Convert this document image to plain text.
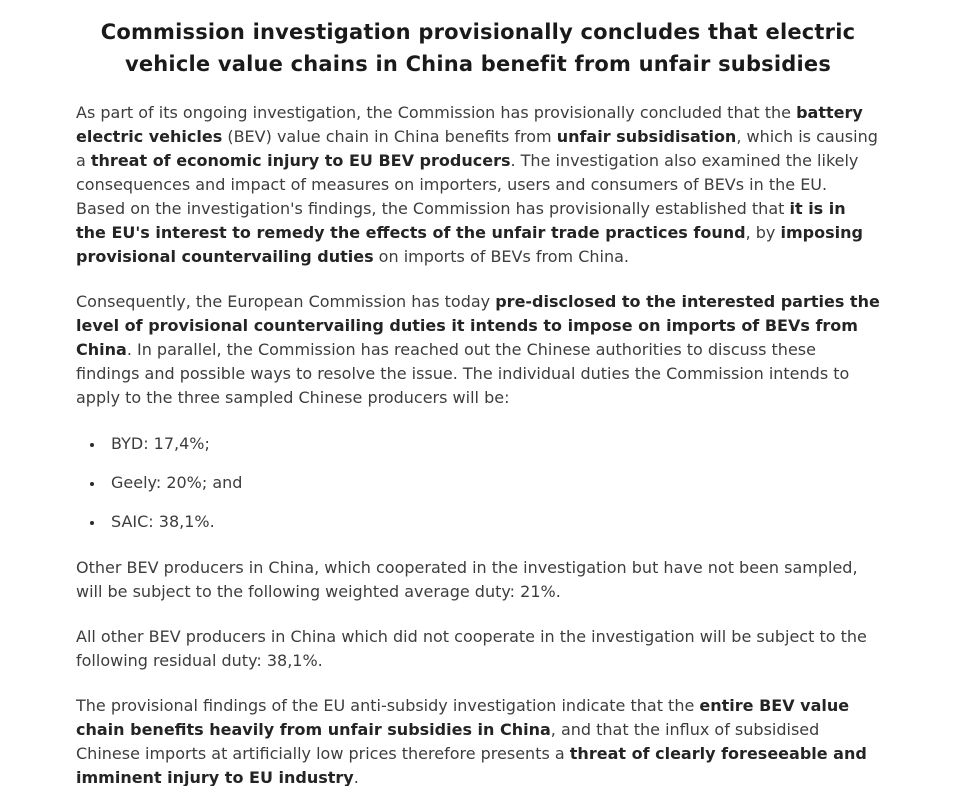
Commission investigation provisionally concludes that electric vehicle value chains in China benefit from unfair subsidies

As part of its ongoing investigation, the Commission has provisionally concluded that the battery electric vehicles (BEV) value chain in China benefits from unfair subsidisation, which is causing a threat of economic injury to EU BEV producers. The investigation also examined the likely consequences and impact of measures on importers, users and consumers of BEVs in the EU. Based on the investigation's findings, the Commission has provisionally established that it is in the EU's interest to remedy the effects of the unfair trade practices found, by imposing provisional countervailing duties on imports of BEVs from China.

Consequently, the European Commission has today pre-disclosed to the interested parties the level of provisional countervailing duties it intends to impose on imports of BEVs from China. In parallel, the Commission has reached out the Chinese authorities to discuss these findings and possible ways to resolve the issue. The individual duties the Commission intends to apply to the three sampled Chinese producers will be:

• BYD: 17,4%;
• Geely: 20%; and
• SAIC: 38,1%.

Other BEV producers in China, which cooperated in the investigation but have not been sampled, will be subject to the following weighted average duty: 21%.

All other BEV producers in China which did not cooperate in the investigation will be subject to the following residual duty: 38,1%.

The provisional findings of the EU anti-subsidy investigation indicate that the entire BEV value chain benefits heavily from unfair subsidies in China, and that the influx of subsidised Chinese imports at artificially low prices therefore presents a threat of clearly foreseeable and imminent injury to EU industry.
